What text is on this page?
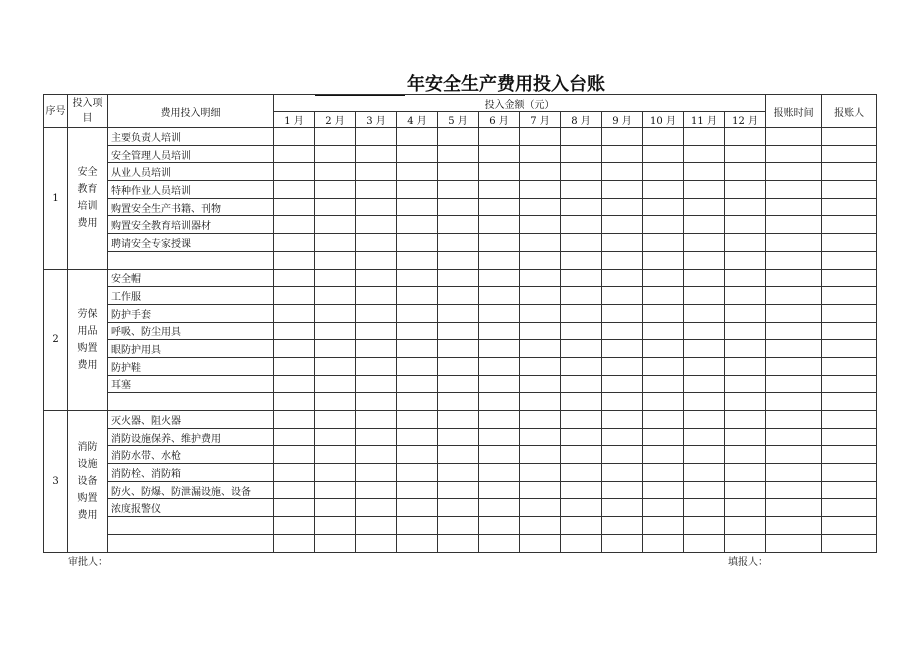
年安全生产费用投入台账
序号	投入项目	费用投入明细	投入金额（元）												报账时间	报账人
			1 月	2 月	3 月	4 月	5 月	6 月	7 月	8 月	9 月	10 月	11 月	12 月		
1	安全教育培训费用	主要负责人培训														
		安全管理人员培训														
		从业人员培训														
		特种作业人员培训														
		购置安全生产书籍、刊物														
		购置安全教育培训器材														
		聘请安全专家授课														

2	劳保用品购置费用	安全帽														
		工作服														
		防护手套														
		呼吸、防尘用具														
		眼防护用具														
		防护鞋														
		耳塞														

3	消防设施设备购置费用	灭火器、阻火器														
		消防设施保养、维护费用														
		消防水带、水枪														
		消防栓、消防箱														
		防火、防爆、防泄漏设施、设备														
		浓度报警仪														

审批人：	填报人：
